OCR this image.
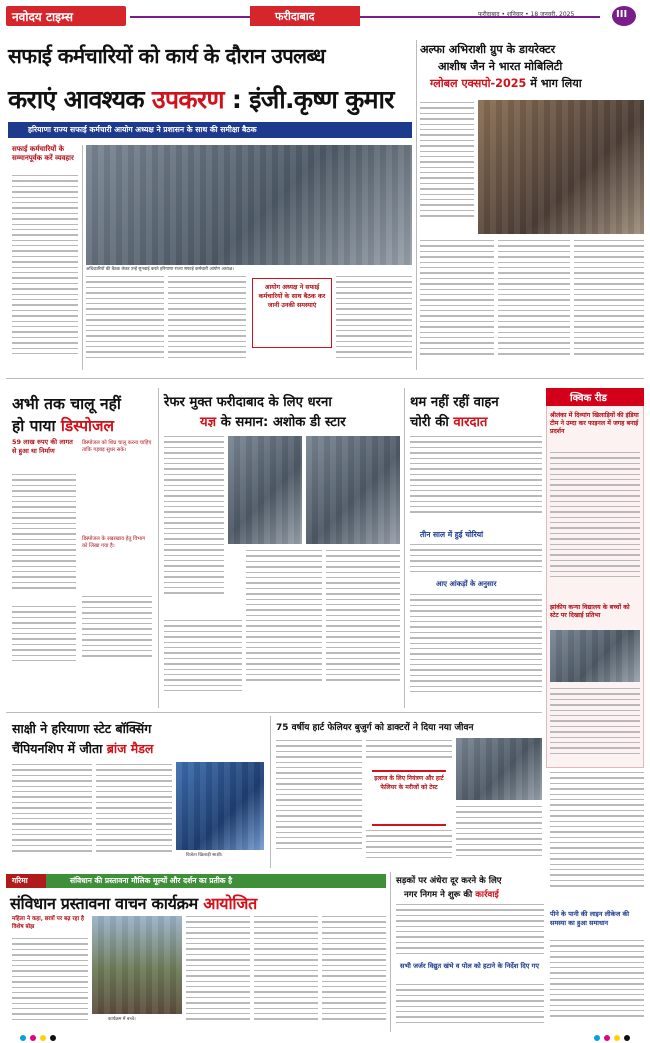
नवोदय टाइम्स	फरीदाबाद	फरीदाबाद • शनिवार • 18 जनवरी, 2025	III
सफाई कर्मचारियों को कार्य के दौरान उपलब्ध
कराएं आवश्यक उपकरण : इंजी.कृष्ण कुमार
हरियाणा राज्य सफाई कर्मचारी आयोग अध्यक्ष ने प्रशासन के साथ की समीक्षा बैठक
सफाई कर्मचारियों के सम्मानपूर्वक करें व्यवहार
अधिकारियों की बैठक लेकर उन्हें सुनवाई करते हरियाणा राज्य सफाई कर्मचारी आयोग अध्यक्ष।
आयोग अध्यक्ष ने सफाई कर्मचारियों के साथ बैठक कर जानी उनकी समस्याएं
अल्फा अभिराशी ग्रुप के डायरेक्टर
आशीष जैन ने भारत मोबिलिटी
ग्लोबल एक्सपो-2025 में भाग लिया
अभी तक चालू नहीं
हो पाया डिस्पोजल
59 लाख रुपए की लागत से हुआ था निर्माण
डिस्पोजल को शिघ्र चालू करना चाहिए ताकि गड़बड़ सुधर सके।
डिस्पोजल के रखरखाव हेतु विभाग को लिखा गया है।
रेफर मुक्त फरीदाबाद के लिए धरना
यज्ञ के समान: अशोक डी स्टार
थम नहीं रहीं वाहन
चोरी की वारदात
तीन साल में हुई चोरियां
आए आंकड़ों के अनुसार
क्विक रीड
श्रीलंका में दिव्यांग खिलाड़ियों की इंडिया टीम ने उम्दा कर फाइनल में जगह बनाई प्रदर्शन
झांकीय कन्या विद्यालय के बच्चों को स्टेट पर दिखाई प्रतिभा
साक्षी ने हरियाणा स्टेट बॉक्सिंग
चैंपियनशिप में जीता ब्रांज मैडल
विजेता खिलाड़ी साक्षी।
75 वर्षीय हार्ट फेलियर बुजुर्ग को डाक्टरों ने दिया नया जीवन
इलाज के लिए नियंत्रण और हार्ट फेलियर के मरीजों को टेस्ट
पीने के पानी की लाइन लीकेज की समस्या का हुआ समाधान
गरिमा	संविधान की प्रस्तावना मौलिक मूल्यों और दर्शन का प्रतीक है
संविधान प्रस्तावना वाचन कार्यक्रम आयोजित
महिला ने कहा, छात्रों पर बढ़ रहा है विशेष बोझ
कार्यक्रम में बच्चे।
सड़कों पर अंधेरा दूर करने के लिए
नगर निगम ने शुरू की कार्रवाई
सभी जर्जर विद्युत खंभे व पोल को हटाने के निर्देश दिए गए
